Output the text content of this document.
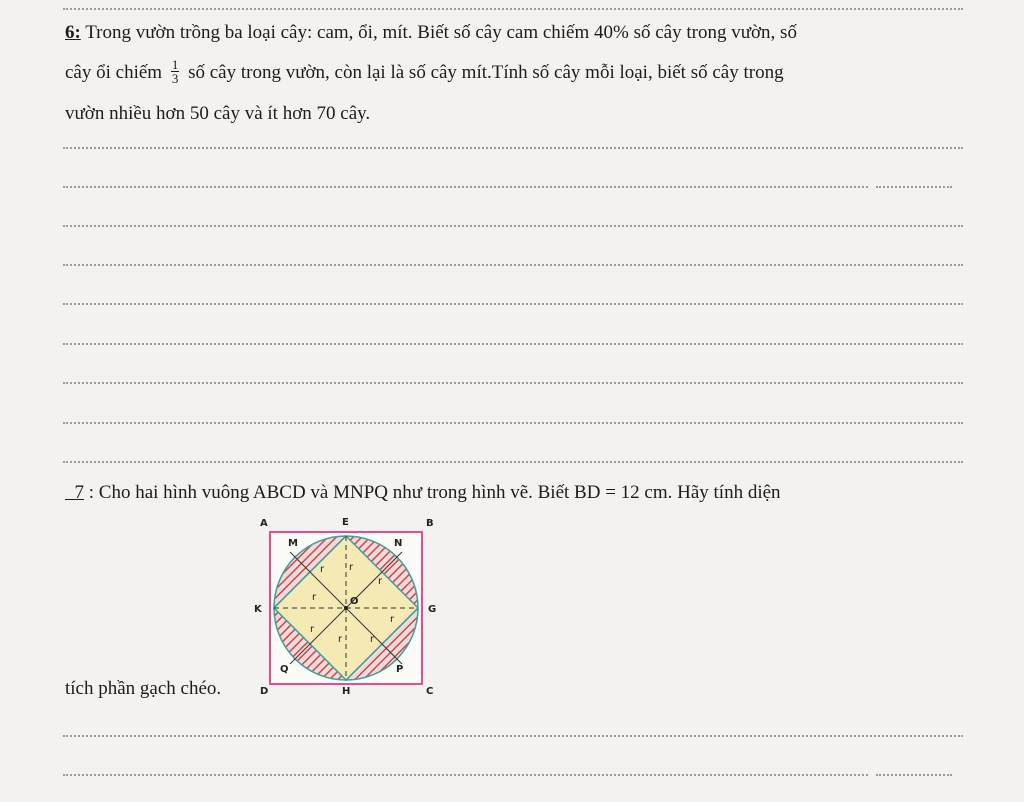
6: Trong vườn trồng ba loại cây: cam, ổi, mít. Biết số cây cam chiếm 40% số cây trong vườn, số
cây ổi chiếm $\frac{1}{3}$ số cây trong vườn, còn lại là số cây mít.Tính số cây mỗi loại, biết số cây trong
vườn nhiều hơn 50 cây và ít hơn 70 cây.
7 : Cho hai hình vuông ABCD và MNPQ như trong hình vẽ. Biết BD = 12 cm. Hãy tính diện
tích phần gạch chéo.
A	E	B
M	N
K	G
O
Q	P
D	H	C
r r
r
r
r
r
r	r
